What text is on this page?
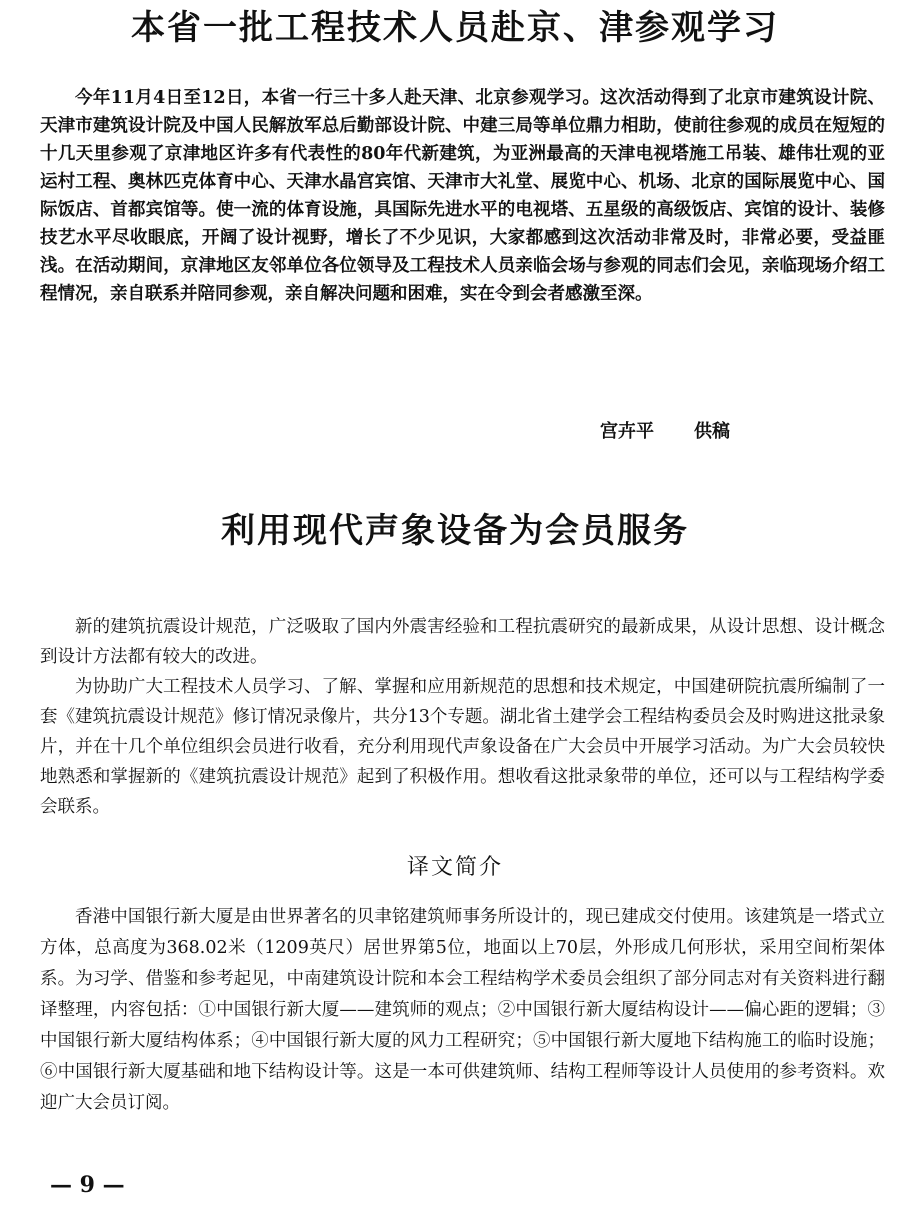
本省一批工程技术人员赴京、津参观学习

今年11月4日至12日，本省一行三十多人赴天津、北京参观学习。这次活动得到了北京市建筑设计院、天津市建筑设计院及中国人民解放军总后勤部设计院、中建三局等单位鼎力相助，使前往参观的成员在短短的十几天里参观了京津地区许多有代表性的80年代新建筑，为亚洲最高的天津电视塔施工吊装、雄伟壮观的亚运村工程、奥林匹克体育中心、天津水晶宫宾馆、天津市大礼堂、展览中心、机场、北京的国际展览中心、国际饭店、首都宾馆等。使一流的体育设施，具国际先进水平的电视塔、五星级的高级饭店、宾馆的设计、装修技艺水平尽收眼底，开阔了设计视野，增长了不少见识，大家都感到这次活动非常及时，非常必要，受益匪浅。在活动期间，京津地区友邻单位各位领导及工程技术人员亲临会场与参观的同志们会见，亲临现场介绍工程情况，亲自联系并陪同参观，亲自解决问题和困难，实在令到会者感激至深。

宫卉平 供稿
利用现代声象设备为会员服务

新的建筑抗震设计规范，广泛吸取了国内外震害经验和工程抗震研究的最新成果，从设计思想、设计概念到设计方法都有较大的改进。

为协助广大工程技术人员学习、了解、掌握和应用新规范的思想和技术规定，中国建研院抗震所编制了一套《建筑抗震设计规范》修订情况录像片，共分13个专题。湖北省土建学会工程结构委员会及时购进这批录象片，并在十几个单位组织会员进行收看，充分利用现代声象设备在广大会员中开展学习活动。为广大会员较快地熟悉和掌握新的《建筑抗震设计规范》起到了积极作用。想收看这批录象带的单位，还可以与工程结构学委会联系。

译文简介

香港中国银行新大厦是由世界著名的贝聿铭建筑师事务所设计的，现已建成交付使用。该建筑是一塔式立方体，总高度为368.02米（1209英尺）居世界第5位，地面以上70层，外形成几何形状，采用空间桁架体系。为习学、借鉴和参考起见，中南建筑设计院和本会工程结构学术委员会组织了部分同志对有关资料进行翻译整理，内容包括：①中国银行新大厦——建筑师的观点；②中国银行新大厦结构设计——偏心距的逻辑；③中国银行新大厦结构体系；④中国银行新大厦的风力工程研究；⑤中国银行新大厦地下结构施工的临时设施；⑥中国银行新大厦基础和地下结构设计等。这是一本可供建筑师、结构工程师等设计人员使用的参考资料。欢迎广大会员订阅。

— 9 —
